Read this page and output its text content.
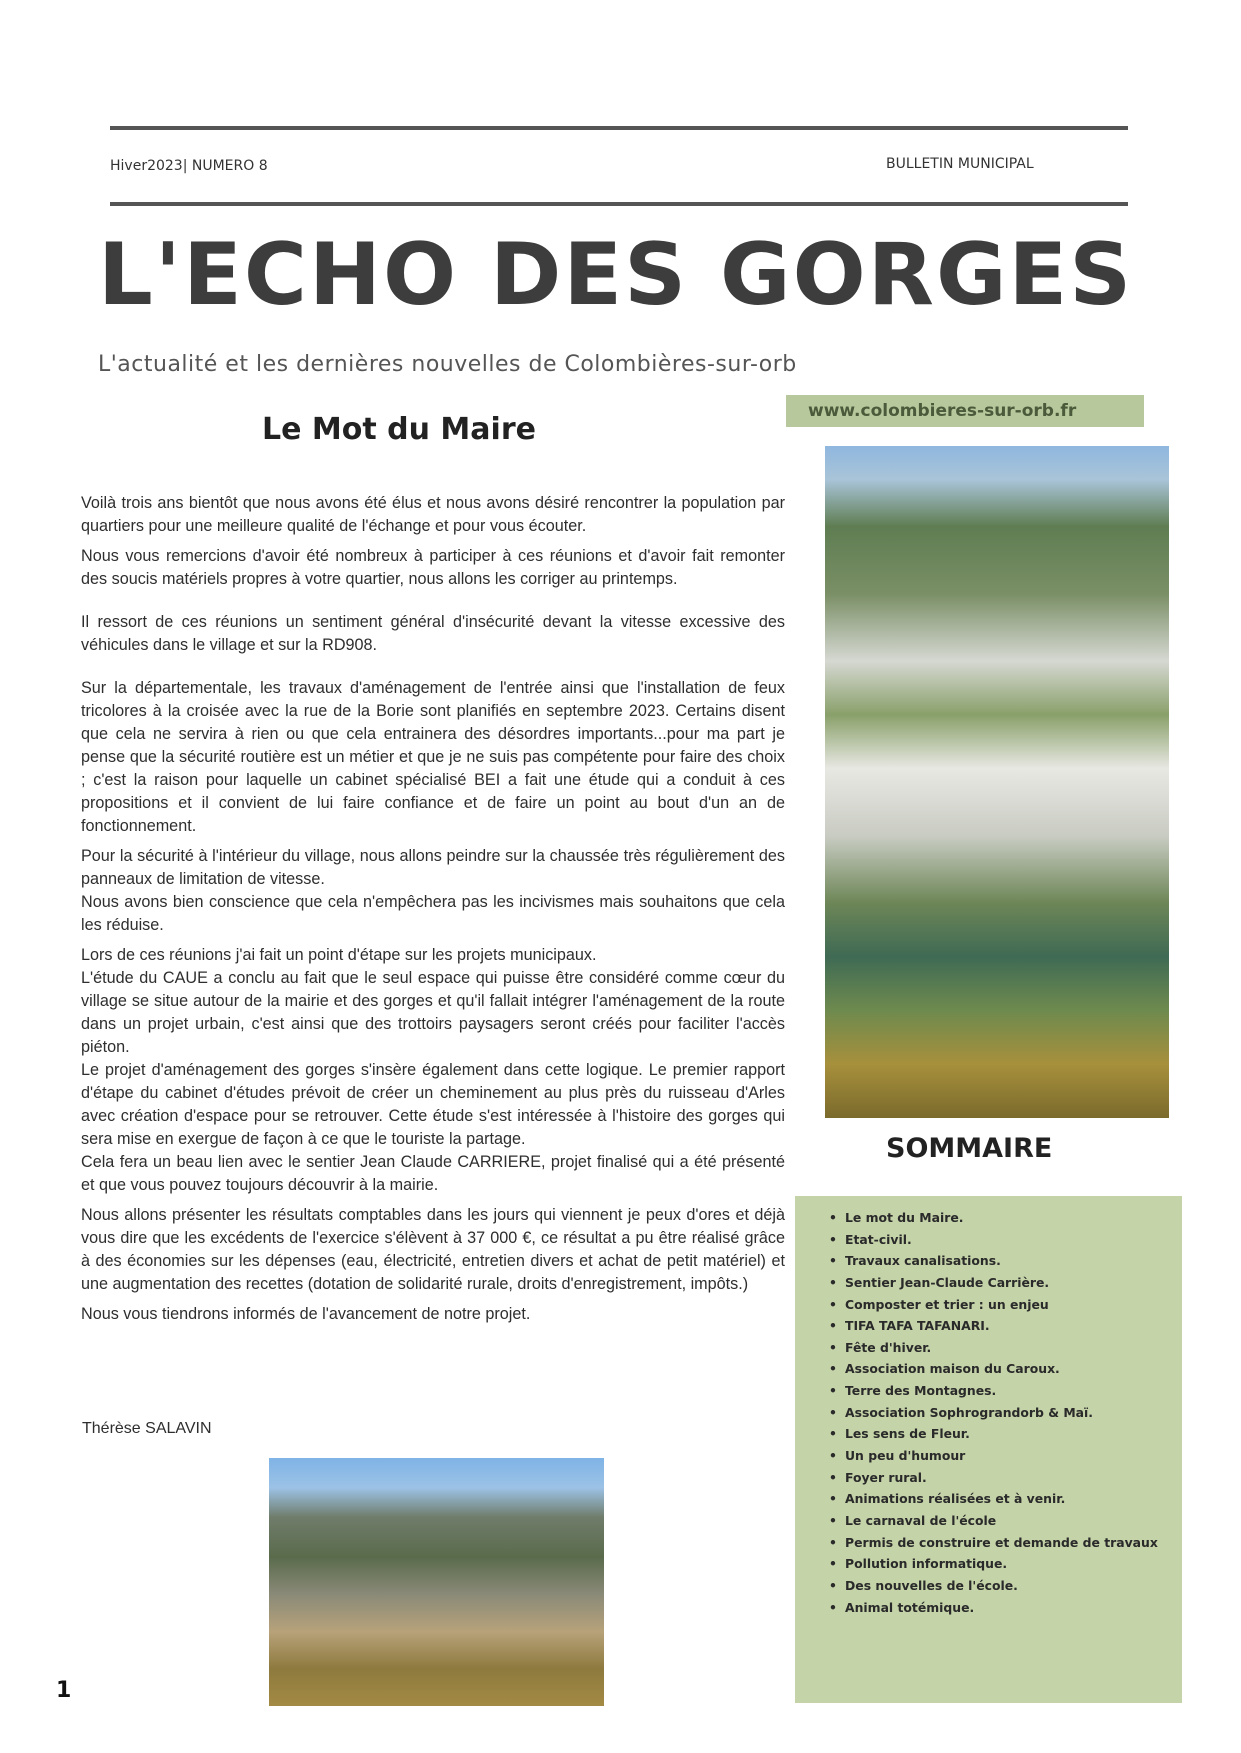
Hiver2023| NUMERO 8	BULLETIN MUNICIPAL
L'ECHO DES GORGES
L'actualité et les dernières nouvelles de Colombières-sur-orb
www.colombieres-sur-orb.fr
Le Mot du Maire

Voilà trois ans bientôt que nous avons été élus et nous avons désiré rencontrer la population par quartiers pour une meilleure qualité de l'échange et pour vous écouter.

Nous vous remercions d'avoir été nombreux à participer à ces réunions et d'avoir fait remonter des soucis matériels propres à votre quartier, nous allons les corriger au printemps.

Il ressort de ces réunions un sentiment général d'insécurité devant la vitesse excessive des véhicules dans le village et sur la RD908.

Sur la départementale, les travaux d'aménagement de l'entrée ainsi que l'installation de feux tricolores à la croisée avec la rue de la Borie sont planifiés en septembre 2023. Certains disent que cela ne servira à rien ou que cela entrainera des désordres importants...pour ma part je pense que la sécurité routière est un métier et que je ne suis pas compétente pour faire des choix ; c'est la raison pour laquelle un cabinet spécialisé BEI a fait une étude qui a conduit à ces propositions et il convient de lui faire confiance et de faire un point au bout d'un an de fonctionnement.

Pour la sécurité à l'intérieur du village, nous allons peindre sur la chaussée très régulièrement des panneaux de limitation de vitesse.

Nous avons bien conscience que cela n'empêchera pas les incivismes mais souhaitons que cela les réduise.

Lors de ces réunions j'ai fait un point d'étape sur les projets municipaux.

L'étude du CAUE a conclu au fait que le seul espace qui puisse être considéré comme cœur du village se situe autour de la mairie et des gorges et qu'il fallait intégrer l'aménagement de la route dans un projet urbain, c'est ainsi que des trottoirs paysagers seront créés pour faciliter l'accès piéton.

Le projet d'aménagement des gorges s'insère également dans cette logique. Le premier rapport d'étape du cabinet d'études prévoit de créer un cheminement au plus près du ruisseau d'Arles avec création d'espace pour se retrouver. Cette étude s'est intéressée à l'histoire des gorges qui sera mise en exergue de façon à ce que le touriste la partage.

Cela fera un beau lien avec le sentier Jean Claude CARRIERE, projet finalisé qui a été présenté et que vous pouvez toujours découvrir à la mairie.

Nous allons présenter les résultats comptables dans les jours qui viennent je peux d'ores et déjà vous dire que les excédents de l'exercice s'élèvent à 37 000 €, ce résultat a pu être réalisé grâce à des économies sur les dépenses (eau, électricité, entretien divers et achat de petit matériel) et une augmentation des recettes (dotation de solidarité rurale, droits d'enregistrement, impôts.)

Nous vous tiendrons informés de l'avancement de notre projet.

Thérèse SALAVIN
SOMMAIRE
• Le mot du Maire.
• Etat-civil.
• Travaux canalisations.
• Sentier Jean-Claude Carrière.
• Composter et trier : un enjeu
• TIFA TAFA TAFANARI.
• Fête d'hiver.
• Association maison du Caroux.
• Terre des Montagnes.
• Association Sophrograndorb & Maï.
• Les sens de Fleur.
• Un peu d'humour
• Foyer rural.
• Animations réalisées et à venir.
• Le carnaval de l'école
• Permis de construire et demande de travaux
• Pollution informatique.
• Des nouvelles de l'école.
• Animal totémique.
1
